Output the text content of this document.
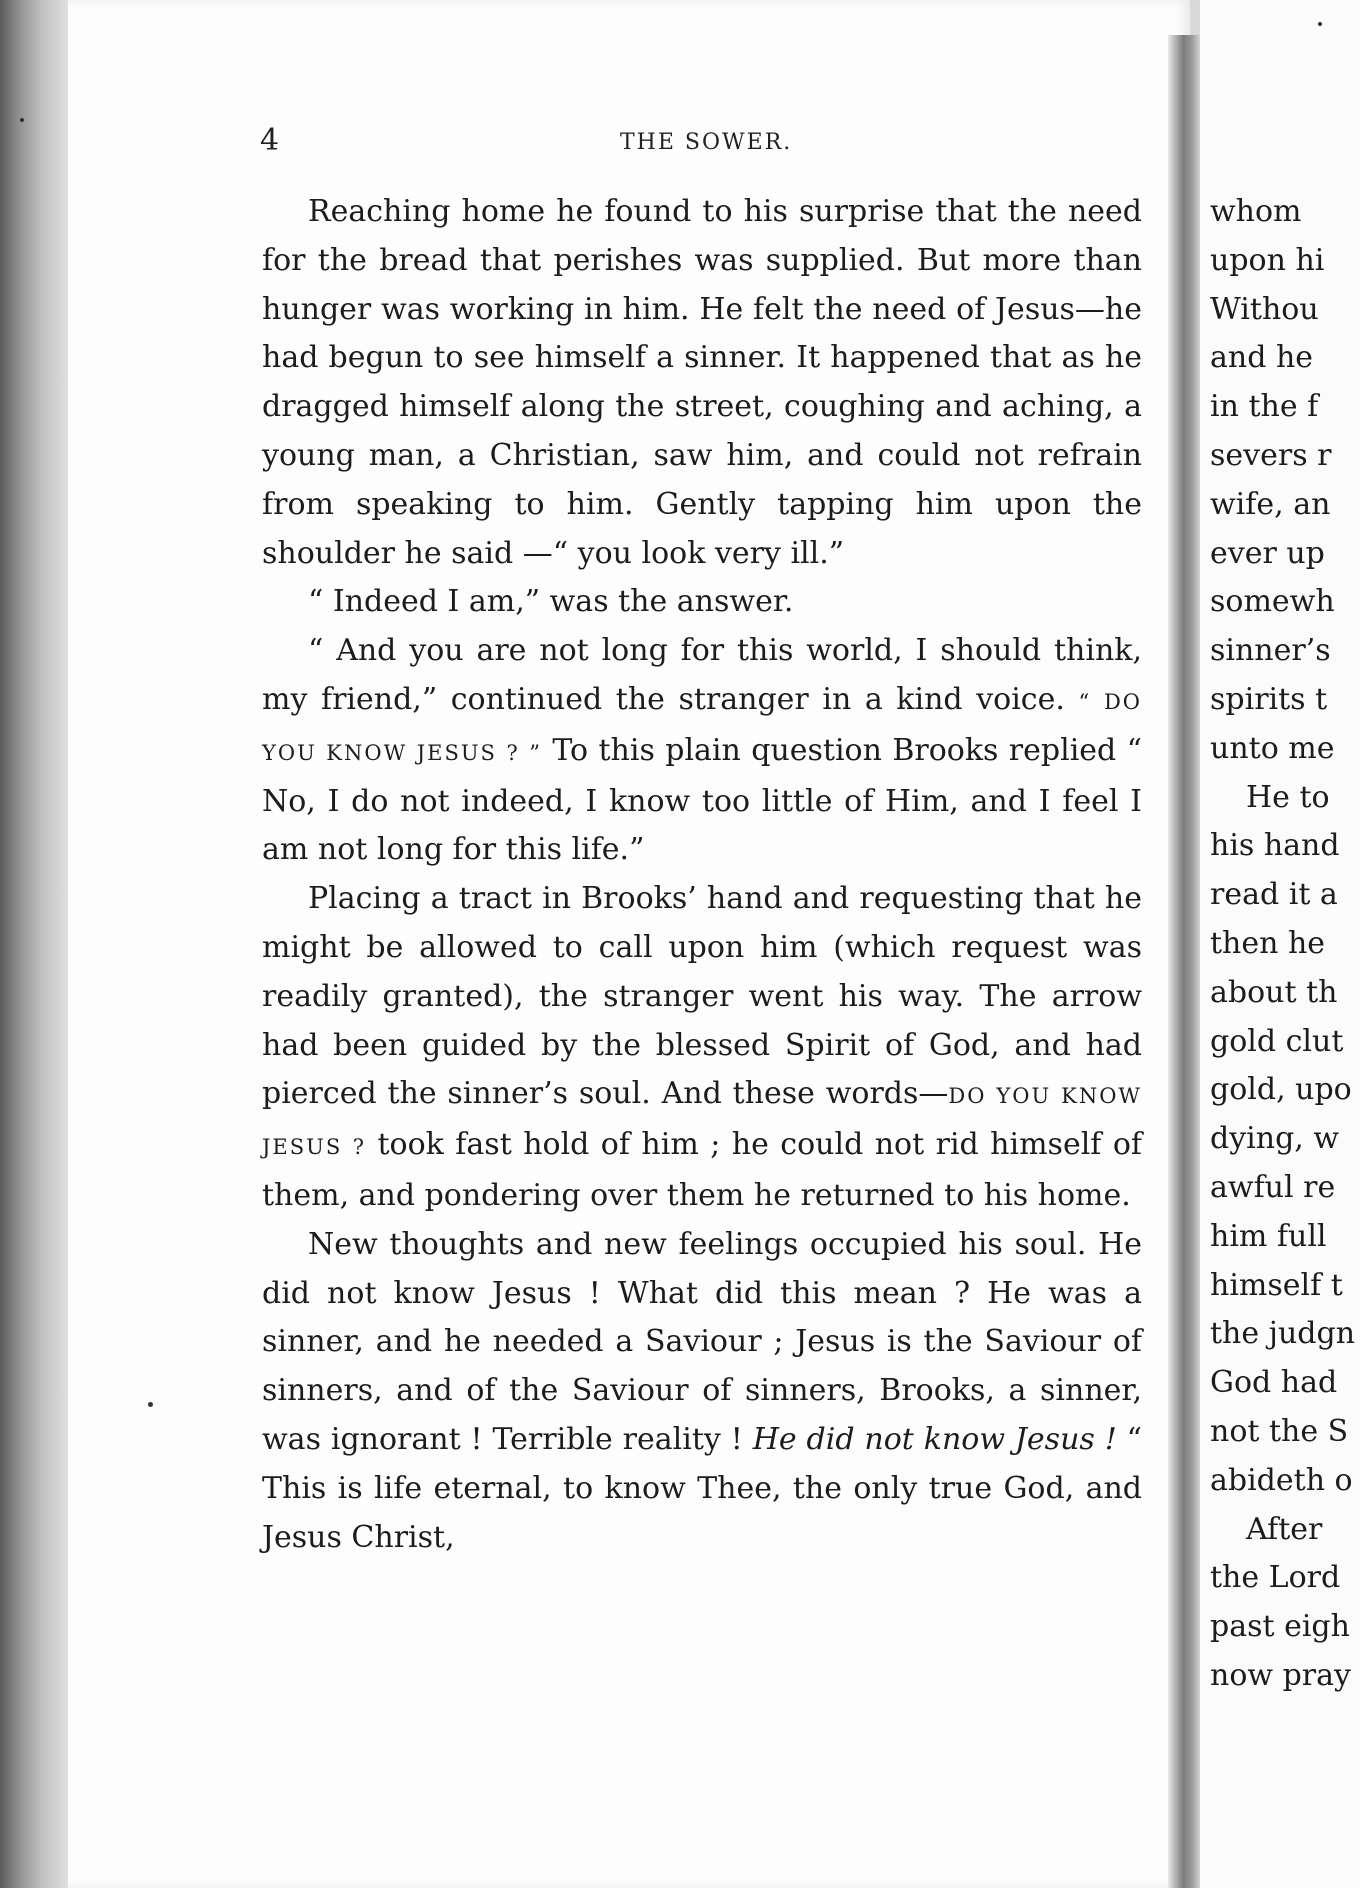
4	THE SOWER.

Reaching home he found to his surprise that the need for the bread that perishes was supplied. But more than hunger was working in him. He felt the need of Jesus—he had begun to see himself a sinner. It happened that as he dragged himself along the street, coughing and aching, a young man, a Christian, saw him, and could not refrain from speaking to him. Gently tapping him upon the shoulder he said —“ you look very ill.”

“ Indeed I am,” was the answer.

“ And you are not long for this world, I should think, my friend,” continued the stranger in a kind voice. “ DO YOU KNOW JESUS ? ” To this plain question Brooks replied “ No, I do not indeed, I know too little of Him, and I feel I am not long for this life.”

Placing a tract in Brooks’ hand and requesting that he might be allowed to call upon him (which request was readily granted), the stranger went his way. The arrow had been guided by the blessed Spirit of God, and had pierced the sinner’s soul. And these words—DO YOU KNOW JESUS ? took fast hold of him ; he could not rid himself of them, and pondering over them he returned to his home.

New thoughts and new feelings occupied his soul. He did not know Jesus ! What did this mean ? He was a sinner, and he needed a Saviour ; Jesus is the Saviour of sinners, and of the Saviour of sinners, Brooks, a sinner, was ignorant ! Terrible reality ! He did not know Jesus ! “ This is life eternal, to know Thee, the only true God, and Jesus Christ,

whom
upon hi
Withou
and he
in the f
severs r
wife, an
ever up
somewh
sinner’s
spirits t
unto me
He to
his hand
read it a
then he
about th
gold clut
gold, upo
dying, w
awful re
him full
himself t
the judgn
God had
not the S
abideth o
After
the Lord
past eigh
now pray
